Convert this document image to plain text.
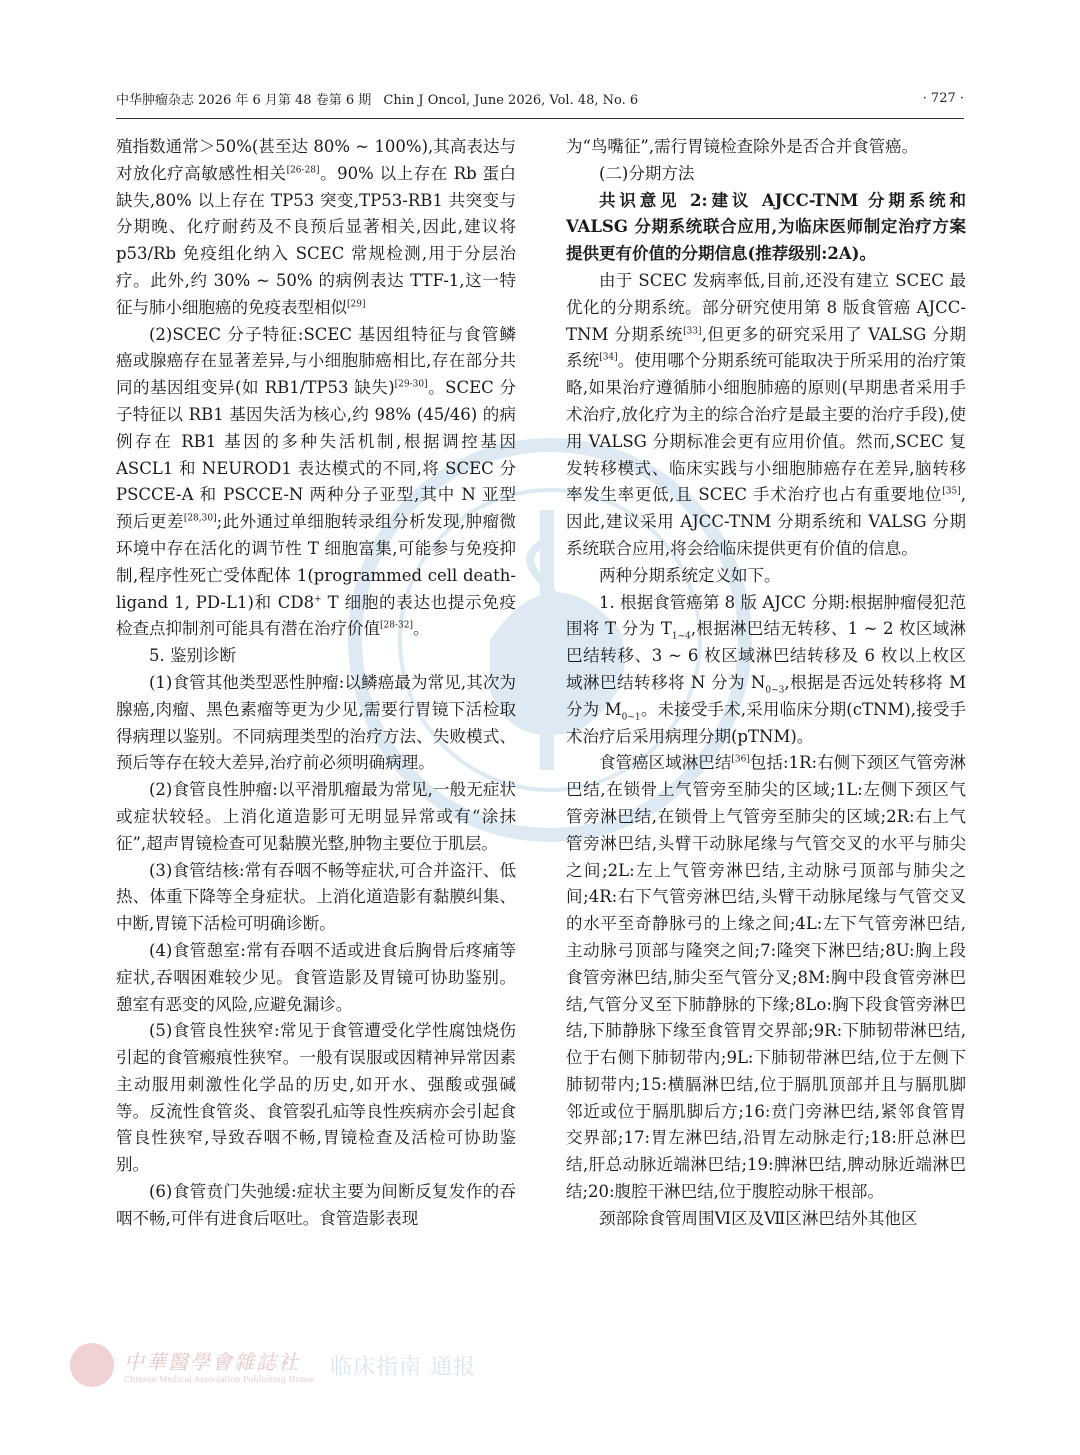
中华肿瘤杂志 2026 年 6 月第 48 卷第 6 期 Chin J Oncol, June 2026, Vol. 48, No. 6	· 727 ·

殖指数通常＞50%(甚至达 80% ~ 100%),其高表达与对放化疗高敏感性相关[26-28]。90% 以上存在 Rb 蛋白缺失,80% 以上存在 TP53 突变,TP53-RB1 共突变与分期晚、化疗耐药及不良预后显著相关,因此,建议将 p53/Rb 免疫组化纳入 SCEC 常规检测,用于分层治疗。此外,约 30% ~ 50% 的病例表达 TTF-1,这一特征与肺小细胞癌的免疫表型相似[29]

(2)SCEC 分子特征:SCEC 基因组特征与食管鳞癌或腺癌存在显著差异,与小细胞肺癌相比,存在部分共同的基因组变异(如 RB1/TP53 缺失)[29-30]。SCEC 分子特征以 RB1 基因失活为核心,约 98% (45/46) 的病例存在 RB1 基因的多种失活机制,根据调控基因 ASCL1 和 NEUROD1 表达模式的不同,将 SCEC 分 PSCCE-A 和 PSCCE-N 两种分子亚型,其中 N 亚型预后更差[28,30];此外通过单细胞转录组分析发现,肿瘤微环境中存在活化的调节性 T 细胞富集,可能参与免疫抑制,程序性死亡受体配体 1(programmed cell death-ligand 1, PD-L1)和 CD8+ T 细胞的表达也提示免疫检查点抑制剂可能具有潜在治疗价值[28-32]。

5. 鉴别诊断

(1)食管其他类型恶性肿瘤:以鳞癌最为常见,其次为腺癌,肉瘤、黑色素瘤等更为少见,需要行胃镜下活检取得病理以鉴别。不同病理类型的治疗方法、失败模式、预后等存在较大差异,治疗前必须明确病理。

(2)食管良性肿瘤:以平滑肌瘤最为常见,一般无症状或症状较轻。上消化道造影可无明显异常或有“涂抹征”,超声胃镜检查可见黏膜光整,肿物主要位于肌层。

(3)食管结核:常有吞咽不畅等症状,可合并盗汗、低热、体重下降等全身症状。上消化道造影有黏膜纠集、中断,胃镜下活检可明确诊断。

(4)食管憩室:常有吞咽不适或进食后胸骨后疼痛等症状,吞咽困难较少见。食管造影及胃镜可协助鉴别。憩室有恶变的风险,应避免漏诊。

(5)食管良性狭窄:常见于食管遭受化学性腐蚀烧伤引起的食管瘢痕性狭窄。一般有误服或因精神异常因素主动服用刺激性化学品的历史,如开水、强酸或强碱等。反流性食管炎、食管裂孔疝等良性疾病亦会引起食管良性狭窄,导致吞咽不畅,胃镜检查及活检可协助鉴别。

(6)食管贲门失弛缓:症状主要为间断反复发作的吞咽不畅,可伴有进食后呕吐。食管造影表现

为“鸟嘴征”,需行胃镜检查除外是否合并食管癌。

(二)分期方法

共识意见 2:建议 AJCC-TNM 分期系统和 VALSG 分期系统联合应用,为临床医师制定治疗方案提供更有价值的分期信息(推荐级别:2A)。

由于 SCEC 发病率低,目前,还没有建立 SCEC 最优化的分期系统。部分研究使用第 8 版食管癌 AJCC-TNM 分期系统[33],但更多的研究采用了 VALSG 分期系统[34]。使用哪个分期系统可能取决于所采用的治疗策略,如果治疗遵循肺小细胞肺癌的原则(早期患者采用手术治疗,放化疗为主的综合治疗是最主要的治疗手段),使用 VALSG 分期标准会更有应用价值。然而,SCEC 复发转移模式、临床实践与小细胞肺癌存在差异,脑转移率发生率更低,且 SCEC 手术治疗也占有重要地位[35],因此,建议采用 AJCC-TNM 分期系统和 VALSG 分期系统联合应用,将会给临床提供更有价值的信息。

两种分期系统定义如下。

1. 根据食管癌第 8 版 AJCC 分期:根据肿瘤侵犯范围将 T 分为 $T_{1\sim 4}$,根据淋巴结无转移、1 ~ 2 枚区域淋巴结转移、3 ~ 6 枚区域淋巴结转移及 6 枚以上枚区域淋巴结转移将 N 分为 $N_{0\sim 3}$,根据是否远处转移将 M 分为 $M_{0\sim 1}$。未接受手术,采用临床分期(cTNM),接受手术治疗后采用病理分期(pTNM)。

食管癌区域淋巴结[36]包括:1R:右侧下颈区气管旁淋巴结,在锁骨上气管旁至肺尖的区域;1L:左侧下颈区气管旁淋巴结,在锁骨上气管旁至肺尖的区域;2R:右上气管旁淋巴结,头臂干动脉尾缘与气管交叉的水平与肺尖之间;2L:左上气管旁淋巴结,主动脉弓顶部与肺尖之间;4R:右下气管旁淋巴结,头臂干动脉尾缘与气管交叉的水平至奇静脉弓的上缘之间;4L:左下气管旁淋巴结,主动脉弓顶部与隆突之间;7:隆突下淋巴结;8U:胸上段食管旁淋巴结,肺尖至气管分叉;8M:胸中段食管旁淋巴结,气管分叉至下肺静脉的下缘;8Lo:胸下段食管旁淋巴结,下肺静脉下缘至食管胃交界部;9R:下肺韧带淋巴结,位于右侧下肺韧带内;9L:下肺韧带淋巴结,位于左侧下肺韧带内;15:横膈淋巴结,位于膈肌顶部并且与膈肌脚邻近或位于膈肌脚后方;16:贲门旁淋巴结,紧邻食管胃交界部;17:胃左淋巴结,沿胃左动脉走行;18:肝总淋巴结,肝总动脉近端淋巴结;19:脾淋巴结,脾动脉近端淋巴结;20:腹腔干淋巴结,位于腹腔动脉干根部。

颈部除食管周围Ⅵ区及Ⅶ区淋巴结外其他区

中華醫學會雜誌社
Chinese Medical Association Publishing House 临床指南 通报
